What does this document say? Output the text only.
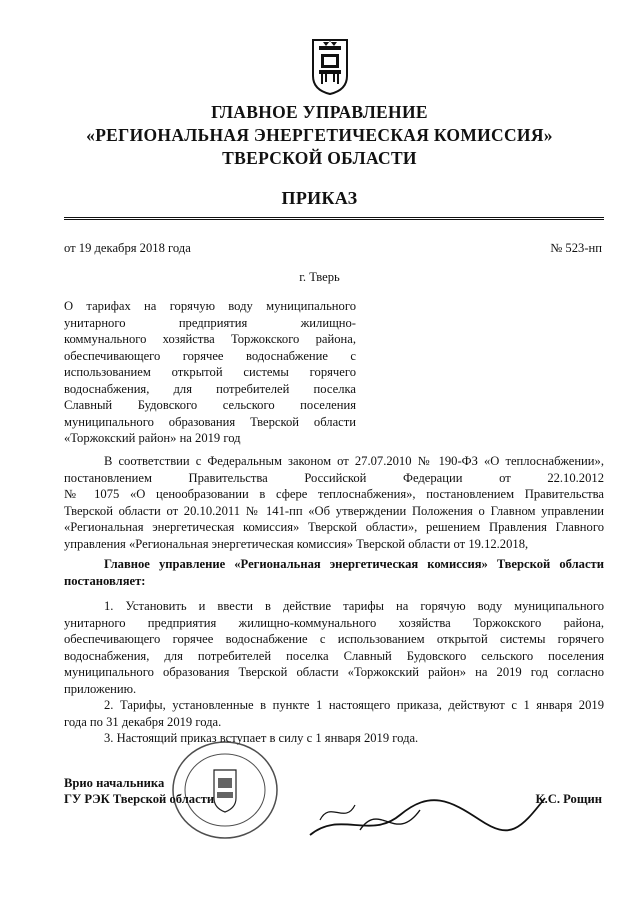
ГЛАВНОЕ УПРАВЛЕНИЕ
«РЕГИОНАЛЬНАЯ ЭНЕРГЕТИЧЕСКАЯ КОМИССИЯ»
ТВЕРСКОЙ ОБЛАСТИ
ПРИКАЗ
от 19 декабря 2018 года	№ 523-нп
г. Тверь
О тарифах на горячую воду муниципального
унитарного предприятия жилищно-
коммунального хозяйства Торжокского района,
обеспечивающего горячее водоснабжение с
использованием открытой системы горячего
водоснабжения, для потребителей поселка
Славный Будовского сельского поселения
муниципального образования Тверской области
«Торжокский район» на 2019 год
В соответствии с Федеральным законом от 27.07.2010 № 190-ФЗ «О теплоснабжении»,
постановлением Правительства Российской Федерации от 22.10.2012
№ 1075 «О ценообразовании в сфере теплоснабжения», постановлением Правительства
Тверской области от 20.10.2011 № 141-пп «Об утверждении Положения о Главном управлении
«Региональная энергетическая комиссия» Тверской области», решением Правления Главного
управления «Региональная энергетическая комиссия» Тверской области от 19.12.2018,
Главное управление «Региональная энергетическая комиссия» Тверской области
постановляет:
1. Установить и ввести в действие тарифы на горячую воду муниципального
унитарного предприятия жилищно-коммунального хозяйства Торжокского района,
обеспечивающего горячее водоснабжение с использованием открытой системы горячего
водоснабжения, для потребителей поселка Славный Будовского сельского поселения
муниципального образования Тверской области «Торжокский район» на 2019 год согласно
приложению.
2. Тарифы, установленные в пункте 1 настоящего приказа, действуют с 1 января 2019
года по 31 декабря 2019 года.
3. Настоящий приказ вступает в силу с 1 января 2019 года.
Врио начальника
ГУ РЭК Тверской области	К.С. Рощин
